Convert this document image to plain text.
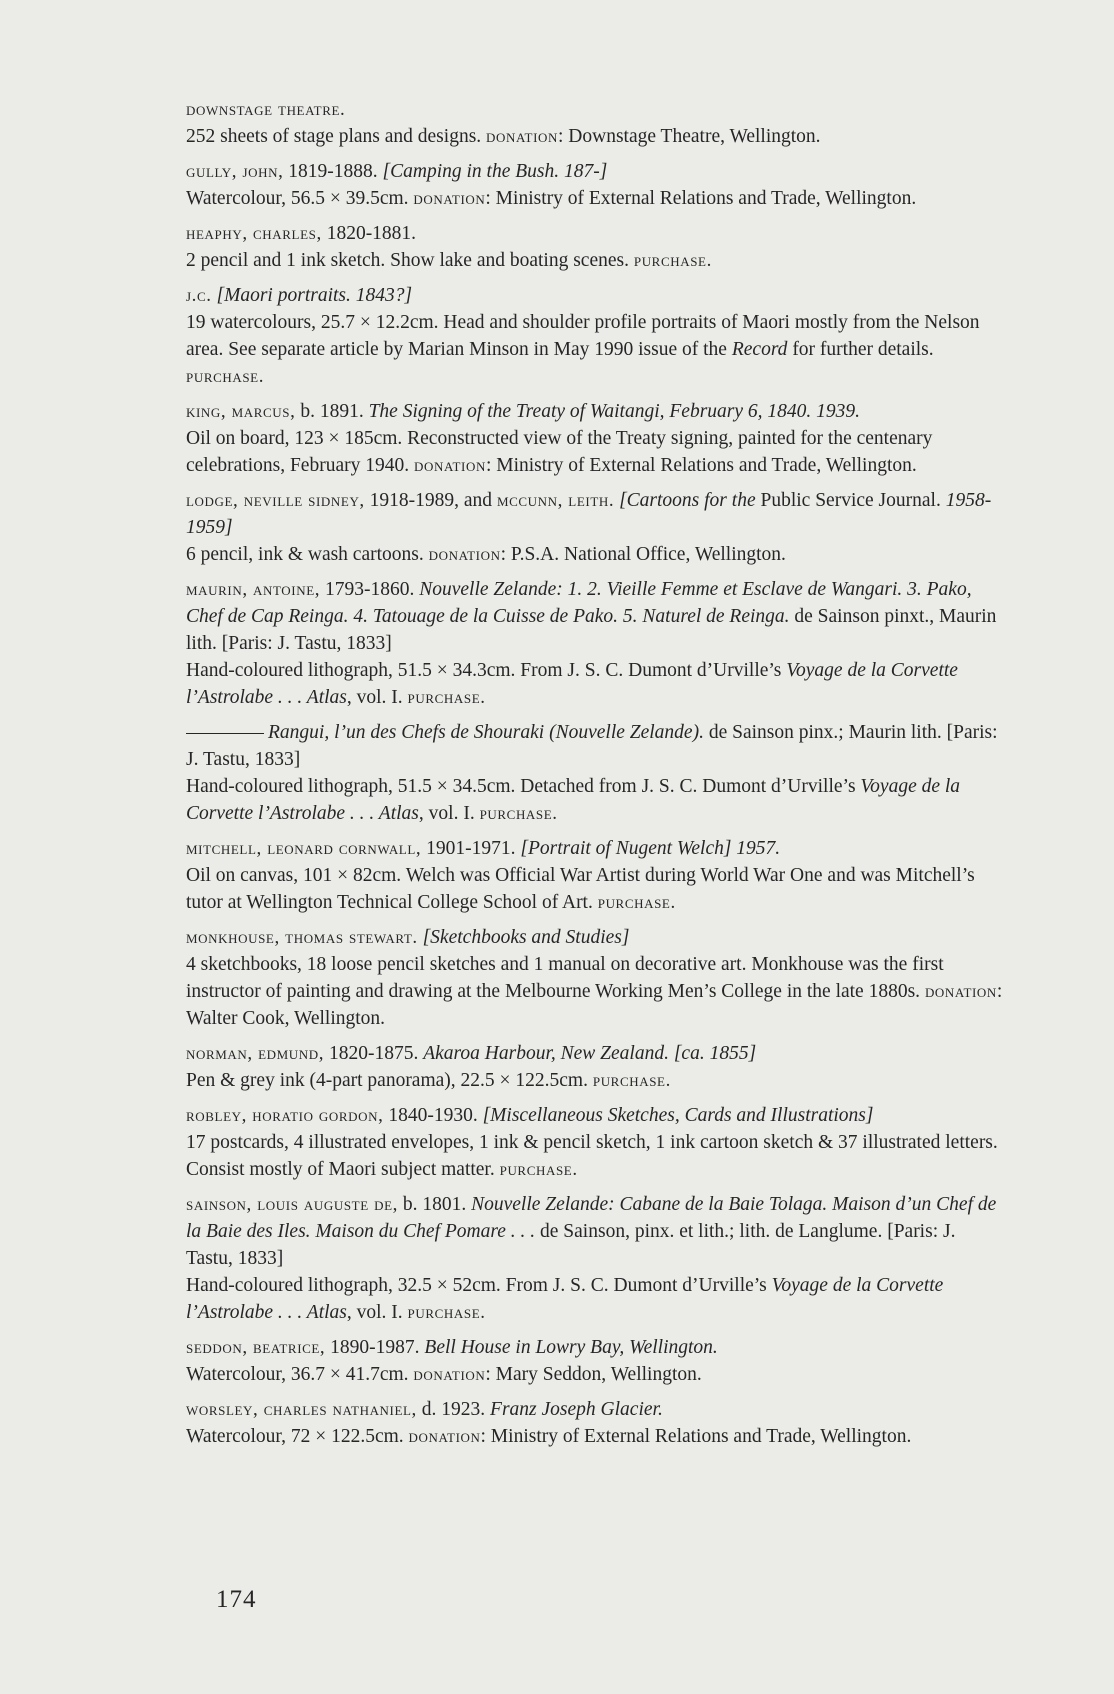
downstage theatre.
252 sheets of stage plans and designs. donation: Downstage Theatre, Wellington.
gully, john, 1819-1888. [Camping in the Bush. 187-]
Watercolour, 56.5 × 39.5cm. donation: Ministry of External Relations and Trade, Wellington.
heaphy, charles, 1820-1881.
2 pencil and 1 ink sketch. Show lake and boating scenes. purchase.
j.c. [Maori portraits. 1843?]
19 watercolours, 25.7 × 12.2cm. Head and shoulder profile portraits of Maori mostly from the Nelson area. See separate article by Marian Minson in May 1990 issue of the Record for further details. purchase.
king, marcus, b. 1891. The Signing of the Treaty of Waitangi, February 6, 1840. 1939.
Oil on board, 123 × 185cm. Reconstructed view of the Treaty signing, painted for the centenary celebrations, February 1940. donation: Ministry of External Relations and Trade, Wellington.
lodge, neville sidney, 1918-1989, and mccunn, leith. [Cartoons for the Public Service Journal. 1958-1959]
6 pencil, ink & wash cartoons. donation: P.S.A. National Office, Wellington.
maurin, antoine, 1793-1860. Nouvelle Zelande: 1. 2. Vieille Femme et Esclave de Wangari. 3. Pako, Chef de Cap Reinga. 4. Tatouage de la Cuisse de Pako. 5. Naturel de Reinga. de Sainson pinxt., Maurin lith. [Paris: J. Tastu, 1833]
Hand-coloured lithograph, 51.5 × 34.3cm. From J. S. C. Dumont d’Urville’s Voyage de la Corvette l’Astrolabe . . . Atlas, vol. I. purchase.
Rangui, l’un des Chefs de Shouraki (Nouvelle Zelande). de Sainson pinx.; Maurin lith. [Paris: J. Tastu, 1833]
Hand-coloured lithograph, 51.5 × 34.5cm. Detached from J. S. C. Dumont d’Urville’s Voyage de la Corvette l’Astrolabe . . . Atlas, vol. I. purchase.
mitchell, leonard cornwall, 1901-1971. [Portrait of Nugent Welch] 1957.
Oil on canvas, 101 × 82cm. Welch was Official War Artist during World War One and was Mitchell’s tutor at Wellington Technical College School of Art. purchase.
monkhouse, thomas stewart. [Sketchbooks and Studies]
4 sketchbooks, 18 loose pencil sketches and 1 manual on decorative art. Monkhouse was the first instructor of painting and drawing at the Melbourne Working Men’s College in the late 1880s. donation: Walter Cook, Wellington.
norman, edmund, 1820-1875. Akaroa Harbour, New Zealand. [ca. 1855]
Pen & grey ink (4-part panorama), 22.5 × 122.5cm. purchase.
robley, horatio gordon, 1840-1930. [Miscellaneous Sketches, Cards and Illustrations]
17 postcards, 4 illustrated envelopes, 1 ink & pencil sketch, 1 ink cartoon sketch & 37 illustrated letters. Consist mostly of Maori subject matter. purchase.
sainson, louis auguste de, b. 1801. Nouvelle Zelande: Cabane de la Baie Tolaga. Maison d’un Chef de la Baie des Iles. Maison du Chef Pomare . . . de Sainson, pinx. et lith.; lith. de Langlume. [Paris: J. Tastu, 1833]
Hand-coloured lithograph, 32.5 × 52cm. From J. S. C. Dumont d’Urville’s Voyage de la Corvette l’Astrolabe . . . Atlas, vol. I. purchase.
seddon, beatrice, 1890-1987. Bell House in Lowry Bay, Wellington.
Watercolour, 36.7 × 41.7cm. donation: Mary Seddon, Wellington.
worsley, charles nathaniel, d. 1923. Franz Joseph Glacier.
Watercolour, 72 × 122.5cm. donation: Ministry of External Relations and Trade, Wellington.
174
